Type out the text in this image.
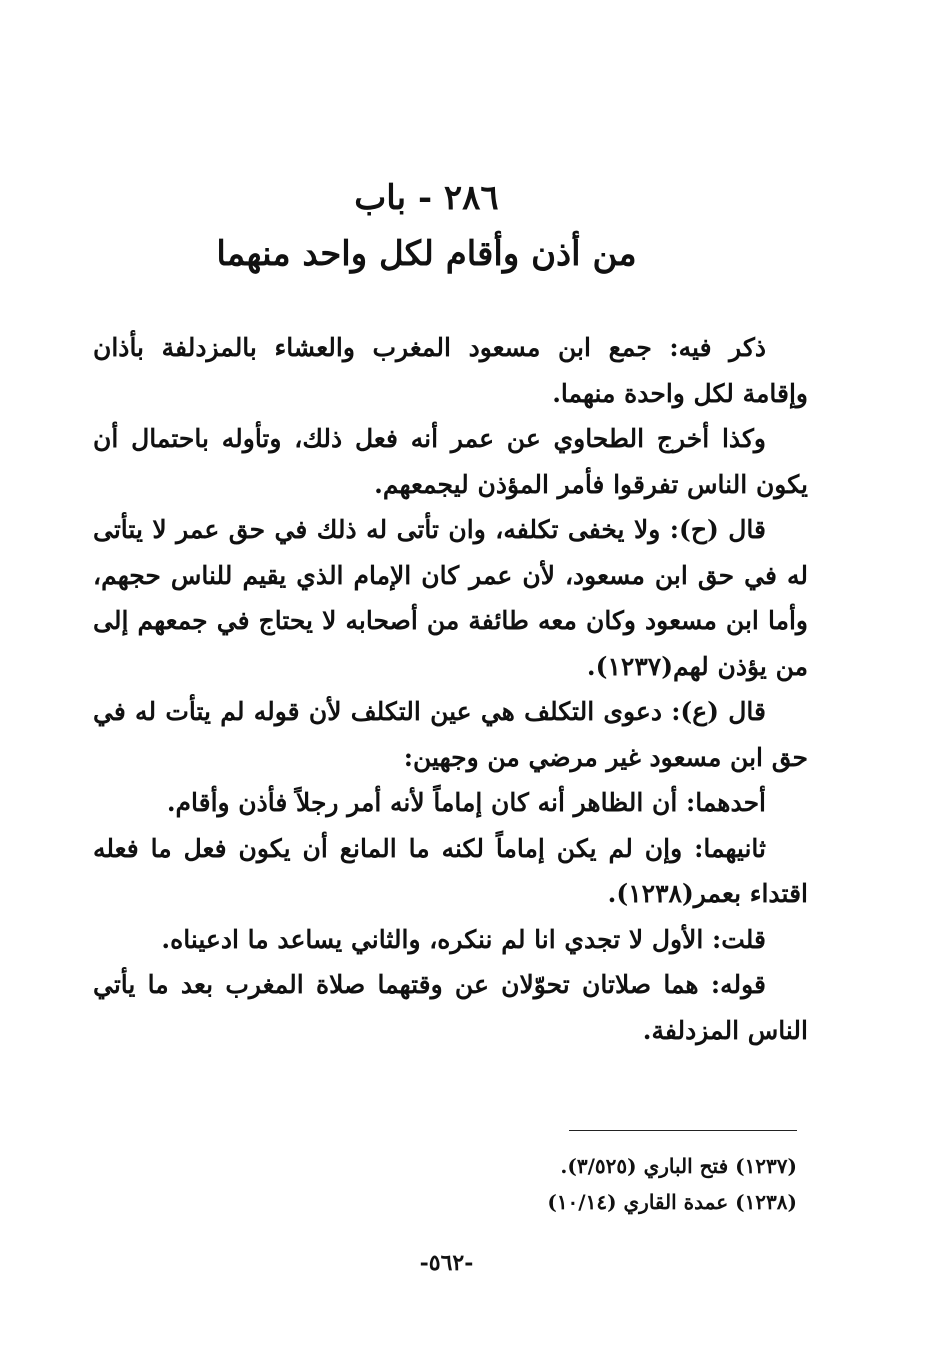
٢٨٦ - باب
من أذن وأقام لكل واحد منهما

ذكر فيه: جمع ابن مسعود المغرب والعشاء بالمزدلفة بأذان وإقامة لكل واحدة منهما.

وكذا أخرج الطحاوي عن عمر أنه فعل ذلك، وتأوله باحتمال أن يكون الناس تفرقوا فأمر المؤذن ليجمعهم.

قال (ح): ولا يخفى تكلفه، وان تأتى له ذلك في حق عمر لا يتأتى له في حق ابن مسعود، لأن عمر كان الإمام الذي يقيم للناس حجهم، وأما ابن مسعود وكان معه طائفة من أصحابه لا يحتاج في جمعهم إلى من يؤذن لهم(١٢٣٧).

قال (ع): دعوى التكلف هي عين التكلف لأن قوله لم يتأت له في حق ابن مسعود غير مرضي من وجهين:

أحدهما: أن الظاهر أنه كان إماماً لأنه أمر رجلاً فأذن وأقام.

ثانيهما: وإن لم يكن إماماً لكنه ما المانع أن يكون فعل ما فعله اقتداء بعمر(١٢٣٨).

قلت: الأول لا تجدي انا لم ننكره، والثاني يساعد ما ادعيناه.

قوله: هما صلاتان تحوّلان عن وقتهما صلاة المغرب بعد ما يأتي الناس المزدلفة.

(١٢٣٧) فتح الباري (٣/٥٢٥).
(١٢٣٨) عمدة القاري (١٠/١٤)
-٥٦٢-
